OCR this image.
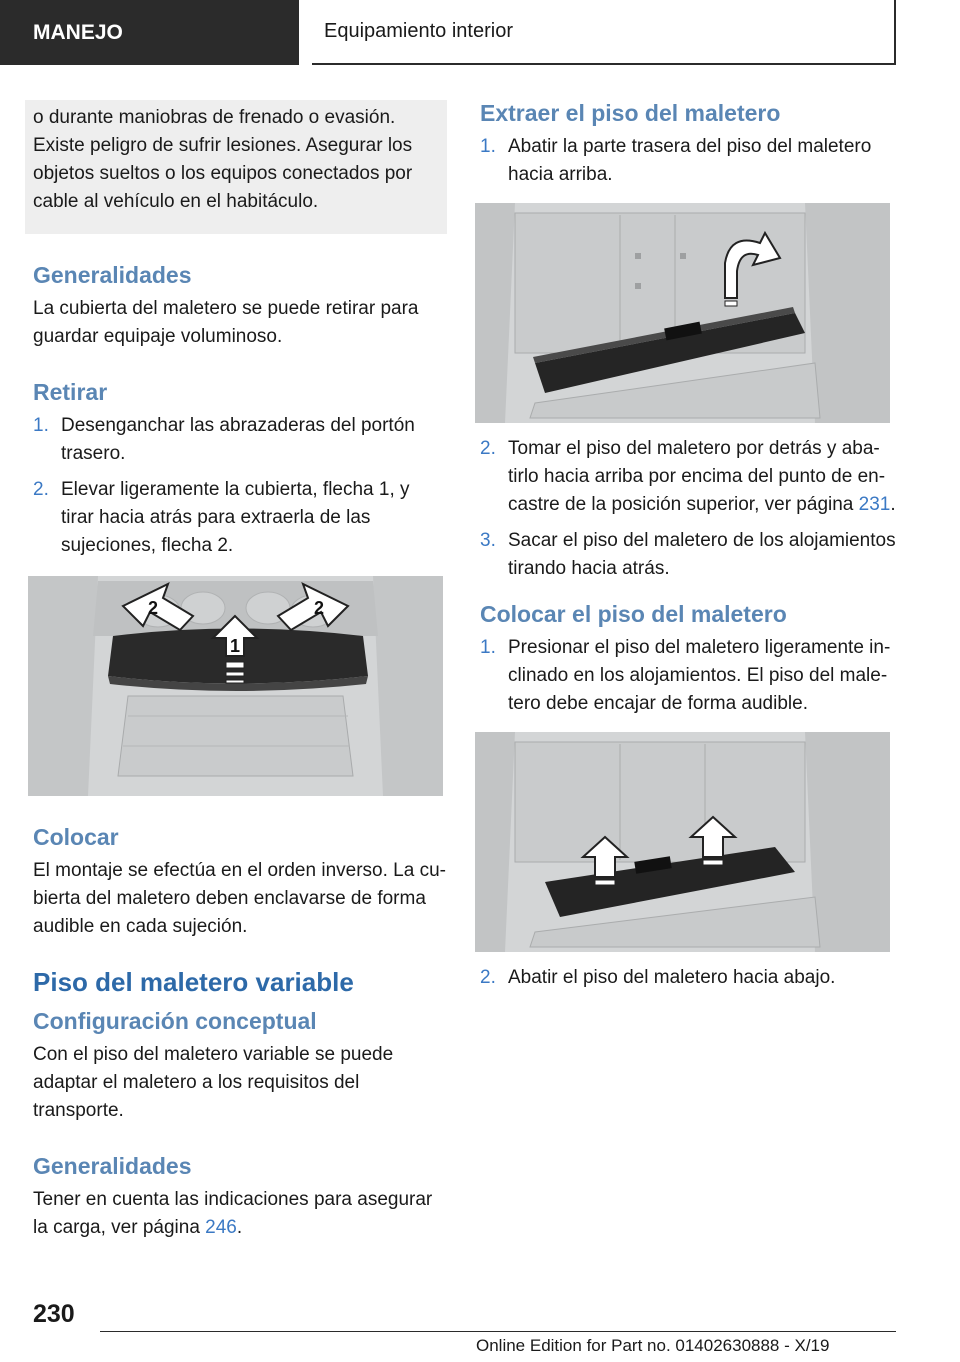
MANEJO	Equipamiento interior

o durante maniobras de frenado o evasión. Existe peligro de sufrir lesiones. Asegurar los objetos sueltos o los equipos conectados por cable al vehículo en el habitáculo.

Generalidades

La cubierta del maletero se puede retirar para guardar equipaje voluminoso.

Retirar
1. Desenganchar las abrazaderas del portón trasero.
2. Elevar ligeramente la cubierta, flecha 1, y tirar hacia atrás para extraerla de las sujeciones, flecha 2.
1
2	2
Colocar

El montaje se efectúa en el orden inverso. La cubierta del maletero deben enclavarse de forma audible en cada sujeción.

Piso del maletero variable
Configuración conceptual

Con el piso del maletero variable se puede adaptar el maletero a los requisitos del transporte.

Generalidades

Tener en cuenta las indicaciones para asegurar la carga, ver página 246.

Extraer el piso del maletero
1. Abatir la parte trasera del piso del maletero hacia arriba.
2. Tomar el piso del maletero por detrás y abatirlo hacia arriba por encima del punto de encastre de la posición superior, ver página 231.
3. Sacar el piso del maletero de los alojamientos tirando hacia atrás.
Colocar el piso del maletero
1. Presionar el piso del maletero ligeramente inclinado en los alojamientos. El piso del maletero debe encajar de forma audible.
2. Abatir el piso del maletero hacia abajo.
230
Online Edition for Part no. 01402630888 - X/19
